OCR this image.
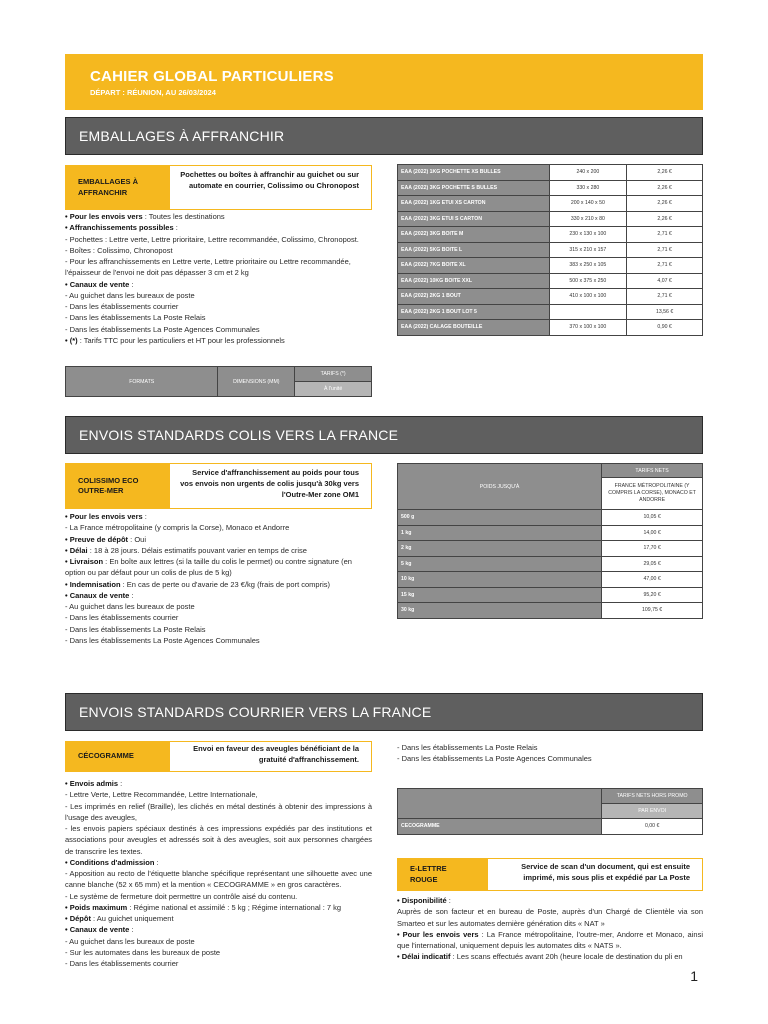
CAHIER GLOBAL PARTICULIERS
DÉPART : RÉUNION, AU 26/03/2024
EMBALLAGES À AFFRANCHIR
EMBALLAGES À AFFRANCHIR
Pochettes ou boîtes à affranchir au guichet ou sur automate en courrier, Colissimo ou Chronopost
• Pour les envois vers : Toutes les destinations
• Affranchissements possibles :
- Pochettes : Lettre verte, Lettre prioritaire, Lettre recommandée, Colissimo, Chronopost.
- Boîtes : Colissimo, Chronopost
- Pour les affranchissements en Lettre verte, Lettre prioritaire ou Lettre recommandée,
l'épaisseur de l'envoi ne doit pas dépasser 3 cm et 2 kg
• Canaux de vente :
- Au guichet dans les bureaux de poste
- Dans les établissements courrier
- Dans les établissements La Poste Relais
- Dans les établissements La Poste Agences Communales
• (*) : Tarifs TTC pour les particuliers et HT pour les professionnels
EAA (2022) 1KG POCHETTE XS BULLES	240 x 200	2,26 €
EAA (2022) 3KG POCHETTE S BULLES	330 x 280	2,26 €
EAA (2022) 1KG ETUI XS CARTON	200 x 140 x 50	2,26 €
EAA (2022) 3KG ETUI S CARTON	330 x 210 x 80	2,26 €
EAA (2022) 3KG BOITE M	230 x 130 x 100	2,71 €
EAA (2022) 5KG BOITE L	315 x 210 x 157	2,71 €
EAA (2022) 7KG BOITE XL	383 x 250 x 105	2,71 €
EAA (2022) 10KG BOITE XXL	500 x 375 x 250	4,07 €
EAA (2022) 2KG 1 BOUT	410 x 100 x 100	2,71 €
EAA (2022) 2KG 1 BOUT LOT 5		13,56 €
EAA (2022) CALAGE BOUTEILLE	370 x 100 x 100	0,90 €
FORMATS	DIMENSIONS (MM)	TARIFS (*)
À l'unité
ENVOIS STANDARDS COLIS VERS LA FRANCE
COLISSIMO ECO OUTRE-MER
Service d'affranchissement au poids pour tous vos envois non urgents de colis jusqu'à 30kg vers l'Outre-Mer zone OM1
• Pour les envois vers :
- La France métropolitaine (y compris la Corse), Monaco et Andorre
• Preuve de dépôt : Oui
• Délai : 18 à 28 jours. Délais estimatifs pouvant varier en temps de crise
• Livraison : En boîte aux lettres (si la taille du colis le permet) ou contre signature (en
option ou par défaut pour un colis de plus de 5 kg)
• Indemnisation : En cas de perte ou d'avarie de 23 €/kg (frais de port compris)
• Canaux de vente :
- Au guichet dans les bureaux de poste
- Dans les établissements courrier
- Dans les établissements La Poste Relais
- Dans les établissements La Poste Agences Communales
POIDS JUSQU'À	TARIFS NETS
	FRANCE MÉTROPOLITAINE (Y COMPRIS LA CORSE), MONACO ET ANDORRE
500 g	10,05 €
1 kg	14,00 €
2 kg	17,70 €
5 kg	29,05 €
10 kg	47,00 €
15 kg	95,20 €
30 kg	109,75 €
ENVOIS STANDARDS COURRIER VERS LA FRANCE
CÉCOGRAMME
Envoi en faveur des aveugles bénéficiant de la gratuité d'affranchissement.
• Envois admis :
- Lettre Verte, Lettre Recommandée, Lettre Internationale,
- Les imprimés en relief (Braille), les clichés en métal destinés à obtenir des impressions à l'usage des aveugles,
- les envois papiers spéciaux destinés à ces impressions expédiés par des institutions et associations pour aveugles et adressés soit à des aveugles, soit aux personnes chargées de transcrire les textes.
• Conditions d'admission :
- Apposition au recto de l'étiquette blanche spécifique représentant une silhouette avec une canne blanche (52 x 65 mm) et la mention « CECOGRAMME » en gros caractères.
- Le système de fermeture doit permettre un contrôle aisé du contenu.
• Poids maximum : Régime national et assimilé : 5 kg ; Régime international : 7 kg
• Dépôt : Au guichet uniquement
• Canaux de vente :
- Au guichet dans les bureaux de poste
- Sur les automates dans les bureaux de poste
- Dans les établissements courrier
- Dans les établissements La Poste Relais
- Dans les établissements La Poste Agences Communales
	TARIFS NETS HORS PROMO
	PAR ENVOI
CECOGRAMME	0,00 €
E-LETTRE ROUGE
Service de scan d'un document, qui est ensuite imprimé, mis sous plis et expédié par La Poste
• Disponibilité :
Auprès de son facteur et en bureau de Poste, auprès d'un Chargé de Clientèle via son Smarteo et sur les automates dernière génération dits « NAT »
• Pour les envois vers : La France métropolitaine, l'outre-mer, Andorre et Monaco, ainsi que l'international, uniquement depuis les automates dits « NATS ».
• Délai indicatif : Les scans effectués avant 20h (heure locale de destination du pli en
1
